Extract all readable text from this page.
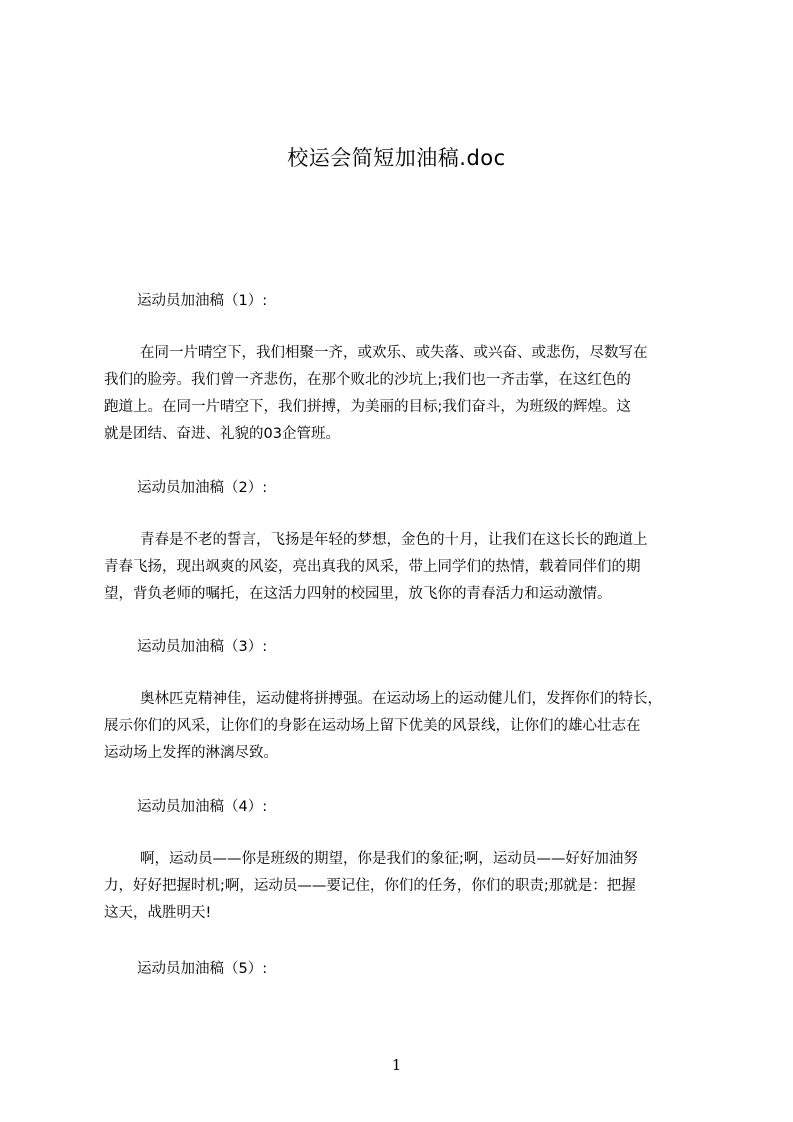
校运会简短加油稿.doc
运动员加油稿（1）:
在同一片晴空下，我们相聚一齐，或欢乐、或失落、或兴奋、或悲伤，尽数写在
我们的脸旁。我们曾一齐悲伤，在那个败北的沙坑上;我们也一齐击掌，在这红色的
跑道上。在同一片晴空下，我们拼搏，为美丽的目标;我们奋斗，为班级的辉煌。这
就是团结、奋进、礼貌的03企管班。
运动员加油稿（2）:
青春是不老的誓言，飞扬是年轻的梦想，金色的十月，让我们在这长长的跑道上
青春飞扬，现出飒爽的风姿，亮出真我的风采，带上同学们的热情，载着同伴们的期
望，背负老师的嘱托，在这活力四射的校园里，放飞你的青春活力和运动激情。
运动员加油稿（3）:
奥林匹克精神佳，运动健将拼搏强。在运动场上的运动健儿们，发挥你们的特长，
展示你们的风采，让你们的身影在运动场上留下优美的风景线，让你们的雄心壮志在
运动场上发挥的淋漓尽致。
运动员加油稿（4）:
啊，运动员——你是班级的期望，你是我们的象征;啊，运动员——好好加油努
力，好好把握时机;啊，运动员——要记住，你们的任务，你们的职责;那就是：把握
这天，战胜明天!
运动员加油稿（5）:
1
